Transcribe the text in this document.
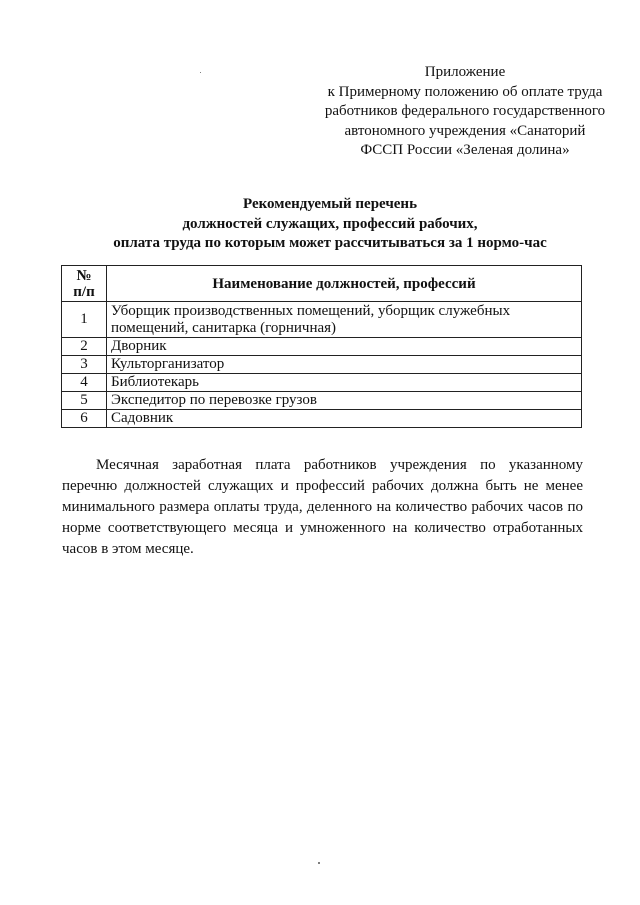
Приложение
к Примерному положению об оплате труда
работников федерального государственного
автономного учреждения «Санаторий
ФССП России «Зеленая долина»
Рекомендуемый перечень
должностей служащих, профессий рабочих,
оплата труда по которым может рассчитываться за 1 нормо-час
№
п/п	Наименование должностей, профессий
1	Уборщик производственных помещений, уборщик служебных помещений, санитарка (горничная)
2	Дворник
3	Культорганизатор
4	Библиотекарь
5	Экспедитор по перевозке грузов
6	Садовник

Месячная заработная плата работников учреждения по указанному перечню должностей служащих и профессий рабочих должна быть не менее минимального размера оплаты труда, деленного на количество рабочих часов по норме соответствующего месяца и умноженного на количество отработанных часов в этом месяце.
